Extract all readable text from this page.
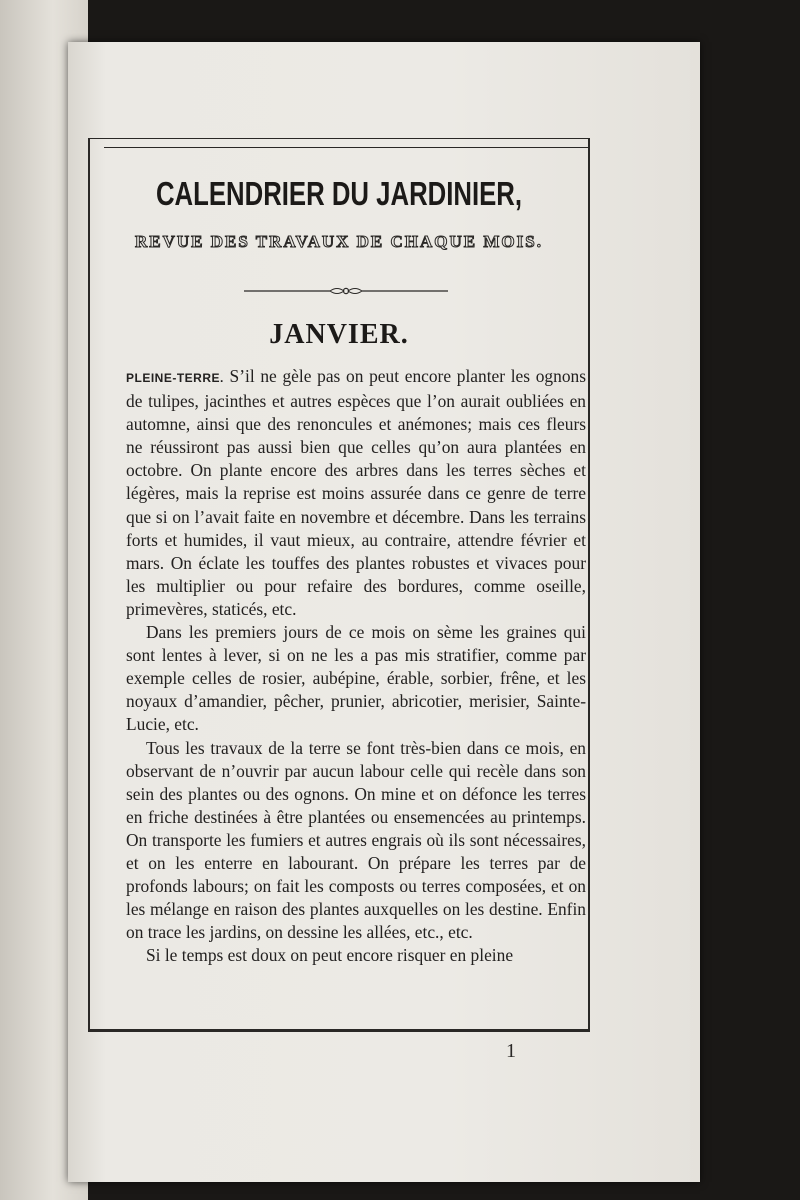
CALENDRIER DU JARDINIER,
REVUE DES TRAVAUX DE CHAQUE MOIS.
JANVIER.

PLEINE-TERRE. S’il ne gèle pas on peut encore planter les ognons de tulipes, jacinthes et autres espèces que l’on aurait oubliées en automne, ainsi que des renoncules et anémones; mais ces fleurs ne réussiront pas aussi bien que celles qu’on aura plantées en octobre. On plante encore des arbres dans les terres sèches et légères, mais la reprise est moins assurée dans ce genre de terre que si on l’avait faite en novembre et décembre. Dans les terrains forts et humides, il vaut mieux, au contraire, attendre février et mars. On éclate les touffes des plantes robustes et vivaces pour les multiplier ou pour refaire des bordures, comme oseille, primevères, staticés, etc.

Dans les premiers jours de ce mois on sème les graines qui sont lentes à lever, si on ne les a pas mis stratifier, comme par exemple celles de rosier, aubépine, érable, sorbier, frêne, et les noyaux d’amandier, pêcher, prunier, abricotier, merisier, Sainte-Lucie, etc.

Tous les travaux de la terre se font très-bien dans ce mois, en observant de n’ouvrir par aucun labour celle qui recèle dans son sein des plantes ou des ognons. On mine et on défonce les terres en friche destinées à être plantées ou ensemencées au printemps. On transporte les fumiers et autres engrais où ils sont nécessaires, et on les enterre en labourant. On prépare les terres par de profonds labours; on fait les composts ou terres composées, et on les mélange en raison des plantes auxquelles on les destine. Enfin on trace les jardins, on dessine les allées, etc., etc.

Si le temps est doux on peut encore risquer en pleine

1
